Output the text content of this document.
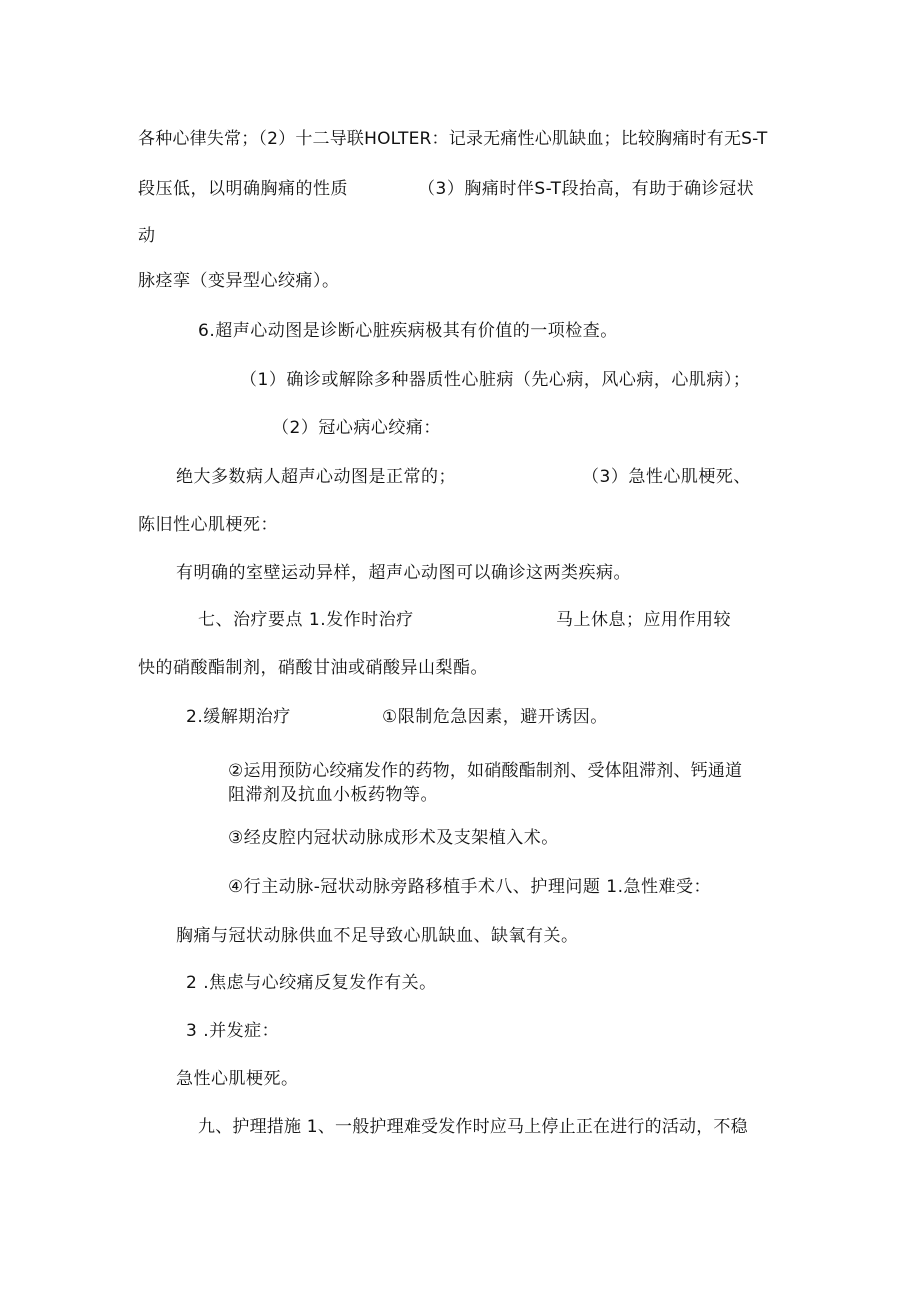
各种心律失常；（2）十二导联HOLTER：记录无痛性心肌缺血；比较胸痛时有无S-T
段压低，以明确胸痛的性质	（3）胸痛时伴S-T段抬高，有助于确诊冠状
动
脉痉挛（变异型心绞痛）。
6.超声心动图是诊断心脏疾病极其有价值的一项检查。
（1）确诊或解除多种器质性心脏病（先心病，风心病，心肌病）；
（2）冠心病心绞痛：
绝大多数病人超声心动图是正常的；	（3）急性心肌梗死、
陈旧性心肌梗死：
有明确的室壁运动异样，超声心动图可以确诊这两类疾病。
七、治疗要点 1.发作时治疗	马上休息；应用作用较
快的硝酸酯制剂，硝酸甘油或硝酸异山梨酯。
2.缓解期治疗	①限制危急因素，避开诱因。
②运用预防心绞痛发作的药物，如硝酸酯制剂、受体阻滞剂、钙通道
阻滞剂及抗血小板药物等。
③经皮腔内冠状动脉成形术及支架植入术。
④行主动脉-冠状动脉旁路移植手术八、护理问题 1.急性难受：
胸痛与冠状动脉供血不足导致心肌缺血、缺氧有关。
2 .焦虑与心绞痛反复发作有关。
3 .并发症：
急性心肌梗死。
九、护理措施 1、一般护理难受发作时应马上停止正在进行的活动，不稳
